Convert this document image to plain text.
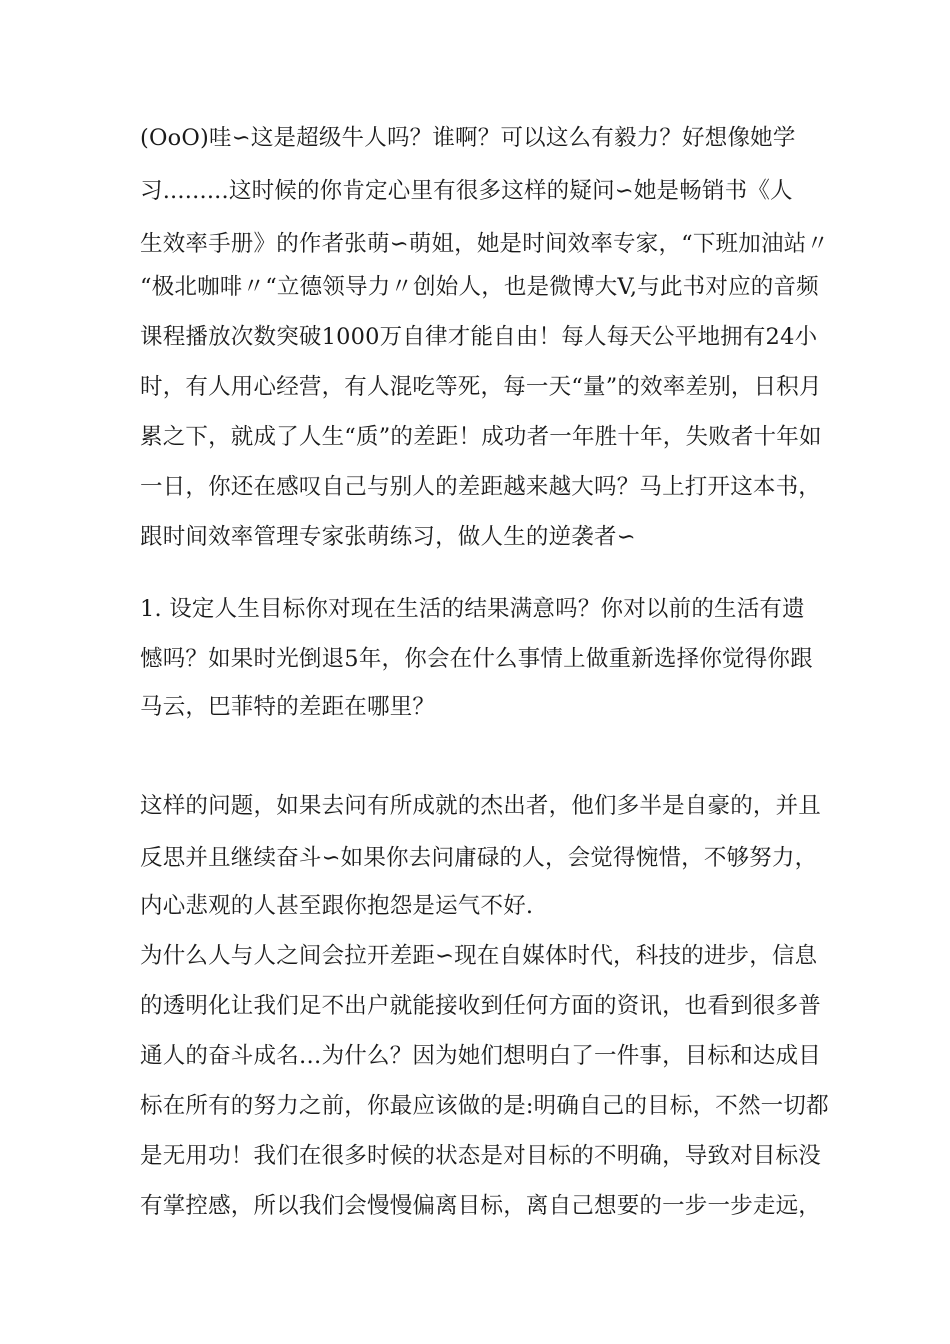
(OoO)哇∽这是超级牛人吗？谁啊？可以这么有毅力？好想像她学
习.........这时候的你肯定心里有很多这样的疑问∽她是畅销书《人
生效率手册》的作者张萌∽萌姐，她是时间效率专家，“下班加油站〃
“极北咖啡〃“立德领导力〃创始人，也是微博大V,与此书对应的音频
课程播放次数突破1000万自律才能自由！每人每天公平地拥有24小
时，有人用心经营，有人混吃等死，每一天“量”的效率差别，日积月
累之下，就成了人生“质”的差距！成功者一年胜十年，失败者十年如
一日，你还在感叹自己与别人的差距越来越大吗？马上打开这本书，
跟时间效率管理专家张萌练习，做人生的逆袭者∽
1. 设定人生目标你对现在生活的结果满意吗？你对以前的生活有遗
憾吗？如果时光倒退5年，你会在什么事情上做重新选择你觉得你跟
马云，巴菲特的差距在哪里？
这样的问题，如果去问有所成就的杰出者，他们多半是自豪的，并且
反思并且继续奋斗∽如果你去问庸碌的人，会觉得惋惜，不够努力，
内心悲观的人甚至跟你抱怨是运气不好.
为什么人与人之间会拉开差距∽现在自媒体时代，科技的进步，信息
的透明化让我们足不出户就能接收到任何方面的资讯，也看到很多普
通人的奋斗成名…为什么？因为她们想明白了一件事，目标和达成目
标在所有的努力之前，你最应该做的是:明确自己的目标，不然一切都
是无用功！我们在很多时候的状态是对目标的不明确，导致对目标没
有掌控感，所以我们会慢慢偏离目标，离自己想要的一步一步走远，
